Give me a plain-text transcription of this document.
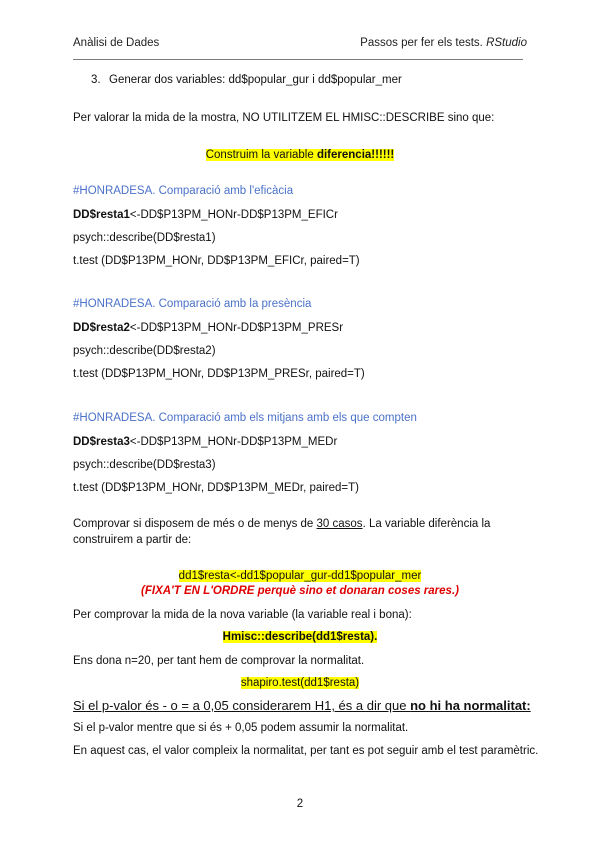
Anàlisi de Dades	Passos per fer els tests. RStudio
3. Generar dos variables: dd$popular_gur i dd$popular_mer
Per valorar la mida de la mostra, NO UTILITZEM EL HMISC::DESCRIBE sino que:
Construim la variable diferencia!!!!!!
#HONRADESA. Comparació amb l'eficàcia
DD$resta1<-DD$P13PM_HONr-DD$P13PM_EFICr
psych::describe(DD$resta1)
t.test (DD$P13PM_HONr, DD$P13PM_EFICr, paired=T)
#HONRADESA. Comparació amb la presència
DD$resta2<-DD$P13PM_HONr-DD$P13PM_PRESr
psych::describe(DD$resta2)
t.test (DD$P13PM_HONr, DD$P13PM_PRESr, paired=T)
#HONRADESA. Comparació amb els mitjans amb els que compten
DD$resta3<-DD$P13PM_HONr-DD$P13PM_MEDr
psych::describe(DD$resta3)
t.test (DD$P13PM_HONr, DD$P13PM_MEDr, paired=T)
Comprovar si disposem de més o de menys de 30 casos. La variable diferència la
construirem a partir de:
dd1$resta<-dd1$popular_gur-dd1$popular_mer
(FIXA'T EN L'ORDRE perquè sino et donaran coses rares.)
Per comprovar la mida de la nova variable (la variable real i bona):
Hmisc::describe(dd1$resta).
Ens dona n=20, per tant hem de comprovar la normalitat.
shapiro.test(dd1$resta)
Si el p-valor és - o = a 0,05 considerarem H1, és a dir que no hi ha normalitat:
Si el p-valor mentre que si és + 0,05 podem assumir la normalitat.
En aquest cas, el valor compleix la normalitat, per tant es pot seguir amb el test paramètric.
2
